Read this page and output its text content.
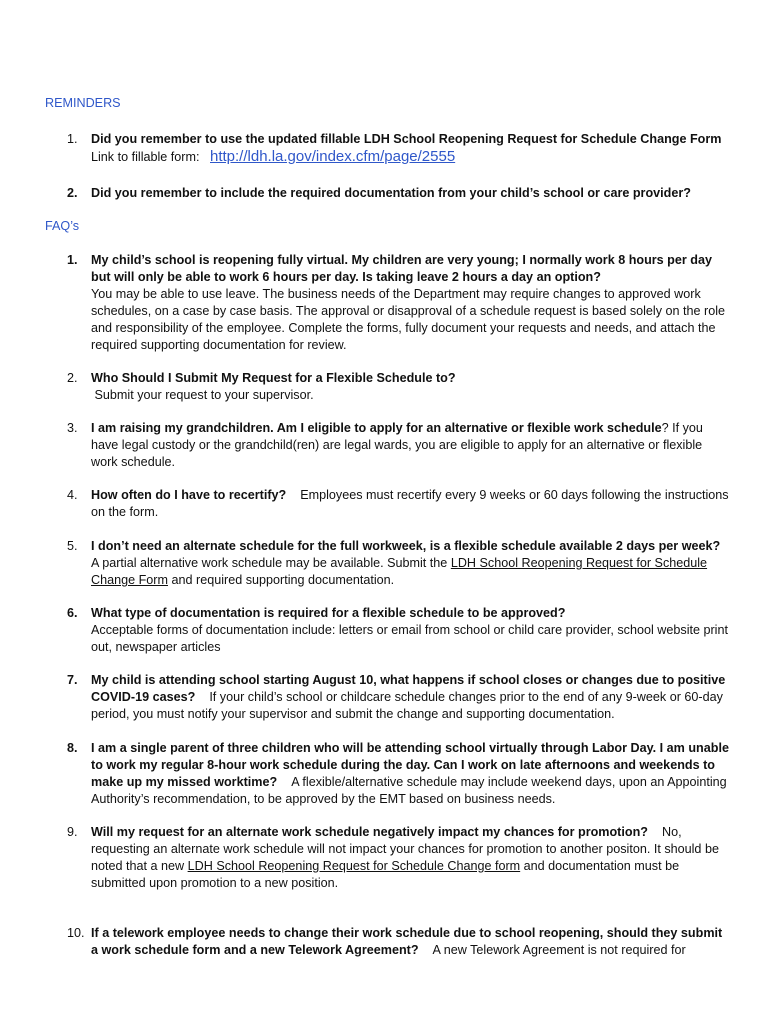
REMINDERS
1.	Did you remember to use the updated fillable LDH School Reopening Request for Schedule Change Form
Link to fillable form: http://ldh.la.gov/index.cfm/page/2555
2.	Did you remember to include the required documentation from your child’s school or care provider?
FAQ’s
1.	My child’s school is reopening fully virtual. My children are very young; I normally work 8 hours per day but will only be able to work 6 hours per day. Is taking leave 2 hours a day an option?
You may be able to use leave. The business needs of the Department may require changes to approved work schedules, on a case by case basis. The approval or disapproval of a schedule request is based solely on the role and responsibility of the employee. Complete the forms, fully document your requests and needs, and attach the required supporting documentation for review.
2.	Who Should I Submit My Request for a Flexible Schedule to?
Submit your request to your supervisor.
3.	I am raising my grandchildren. Am I eligible to apply for an alternative or flexible work schedule? If you have legal custody or the grandchild(ren) are legal wards, you are eligible to apply for an alternative or flexible work schedule.
4.	How often do I have to recertify? Employees must recertify every 9 weeks or 60 days following the instructions on the form.
5.	I don’t need an alternate schedule for the full workweek, is a flexible schedule available 2 days per week?
A partial alternative work schedule may be available. Submit the LDH School Reopening Request for Schedule Change Form and required supporting documentation.
6.	What type of documentation is required for a flexible schedule to be approved?
Acceptable forms of documentation include: letters or email from school or child care provider, school website print out, newspaper articles
7.	My child is attending school starting August 10, what happens if school closes or changes due to positive COVID-19 cases? If your child’s school or childcare schedule changes prior to the end of any 9-week or 60-day period, you must notify your supervisor and submit the change and supporting documentation.
8.	I am a single parent of three children who will be attending school virtually through Labor Day. I am unable to work my regular 8-hour work schedule during the day. Can I work on late afternoons and weekends to make up my missed worktime? A flexible/alternative schedule may include weekend days, upon an Appointing Authority’s recommendation, to be approved by the EMT based on business needs.
9.	Will my request for an alternate work schedule negatively impact my chances for promotion? No, requesting an alternate work schedule will not impact your chances for promotion to another positon. It should be noted that a new LDH School Reopening Request for Schedule Change form and documentation must be submitted upon promotion to a new position.
10. If a telework employee needs to change their work schedule due to school reopening, should they submit a work schedule form and a new Telework Agreement? A new Telework Agreement is not required for
